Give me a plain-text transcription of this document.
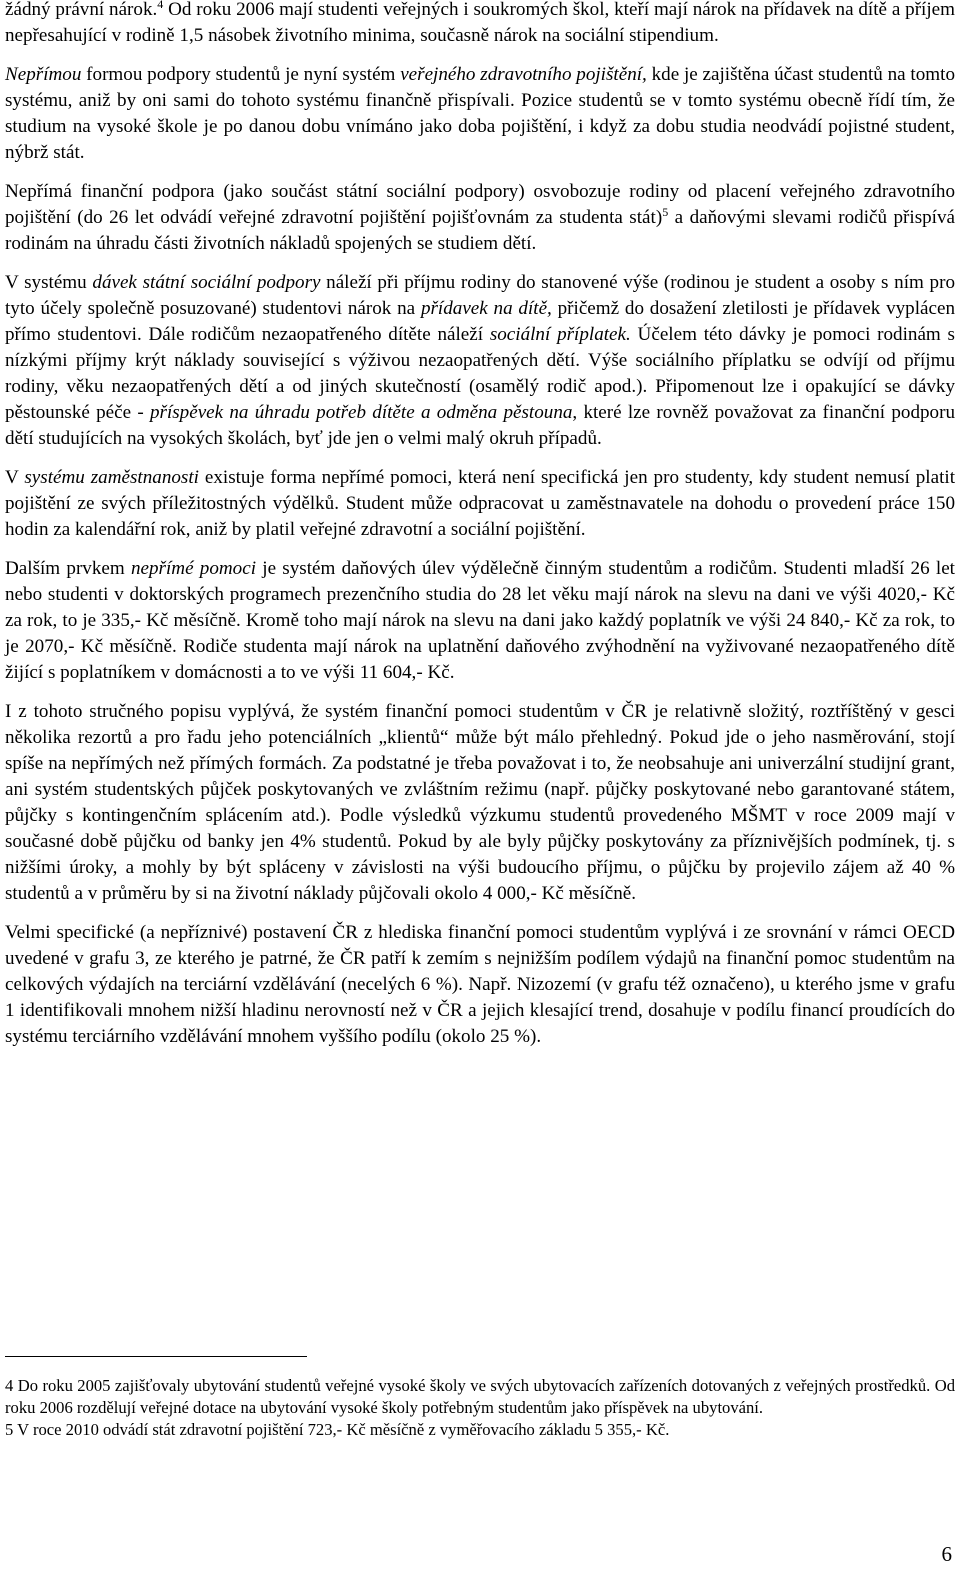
žádný právní nárok.$^4$ Od roku 2006 mají studenti veřejných i soukromých škol, kteří mají nárok na přídavek na dítě a příjem nepřesahující v rodině 1,5 násobek životního minima, současně nárok na sociální stipendium.

Nepřímou formou podpory studentů je nyní systém veřejného zdravotního pojištění, kde je zajištěna účast studentů na tomto systému, aniž by oni sami do tohoto systému finančně přispívali. Pozice studentů se v tomto systému obecně řídí tím, že studium na vysoké škole je po danou dobu vnímáno jako doba pojištění, i když za dobu studia neodvádí pojistné student, nýbrž stát.

Nepřímá finanční podpora (jako součást státní sociální podpory) osvobozuje rodiny od placení veřejného zdravotního pojištění (do 26 let odvádí veřejné zdravotní pojištění pojišťovnám za studenta stát)$^5$ a daňovými slevami rodičů přispívá rodinám na úhradu části životních nákladů spojených se studiem dětí.

V systému dávek státní sociální podpory náleží při příjmu rodiny do stanovené výše (rodinou je student a osoby s ním pro tyto účely společně posuzované) studentovi nárok na přídavek na dítě, přičemž do dosažení zletilosti je přídavek vyplácen přímo studentovi. Dále rodičům nezaopatřeného dítěte náleží sociální příplatek. Účelem této dávky je pomoci rodinám s nízkými příjmy krýt náklady související s výživou nezaopatřených dětí. Výše sociálního příplatku se odvíjí od příjmu rodiny, věku nezaopatřených dětí a od jiných skutečností (osamělý rodič apod.). Připomenout lze i opakující se dávky pěstounské péče - příspěvek na úhradu potřeb dítěte a odměna pěstouna, které lze rovněž považovat za finanční podporu dětí studujících na vysokých školách, byť jde jen o velmi malý okruh případů.

V systému zaměstnanosti existuje forma nepřímé pomoci, která není specifická jen pro studenty, kdy student nemusí platit pojištění ze svých příležitostných výdělků. Student může odpracovat u zaměstnavatele na dohodu o provedení práce 150 hodin za kalendářní rok, aniž by platil veřejné zdravotní a sociální pojištění.

Dalším prvkem nepřímé pomoci je systém daňových úlev výdělečně činným studentům a rodičům. Studenti mladší 26 let nebo studenti v doktorských programech prezenčního studia do 28 let věku mají nárok na slevu na dani ve výši 4020,- Kč za rok, to je 335,- Kč měsíčně. Kromě toho mají nárok na slevu na dani jako každý poplatník ve výši 24 840,- Kč za rok, to je 2070,- Kč měsíčně. Rodiče studenta mají nárok na uplatnění daňového zvýhodnění na vyživované nezaopatřeného dítě žijící s poplatníkem v domácnosti a to ve výši 11 604,- Kč.

I z tohoto stručného popisu vyplývá, že systém finanční pomoci studentům v ČR je relativně složitý, roztříštěný v gesci několika rezortů a pro řadu jeho potenciálních „klientů“ může být málo přehledný. Pokud jde o jeho nasměrování, stojí spíše na nepřímých než přímých formách. Za podstatné je třeba považovat i to, že neobsahuje ani univerzální studijní grant, ani systém studentských půjček poskytovaných ve zvláštním režimu (např. půjčky poskytované nebo garantované státem, půjčky s kontingenčním splácením atd.). Podle výsledků výzkumu studentů provedeného MŠMT v roce 2009 mají v současné době půjčku od banky jen 4% studentů. Pokud by ale byly půjčky poskytovány za příznivějších podmínek, tj. s nižšími úroky, a mohly by být spláceny v závislosti na výši budoucího příjmu, o půjčku by projevilo zájem až 40 % studentů a v průměru by si na životní náklady půjčovali okolo 4 000,- Kč měsíčně.

Velmi specifické (a nepříznivé) postavení ČR z hlediska finanční pomoci studentům vyplývá i ze srovnání v rámci OECD uvedené v grafu 3, ze kterého je patrné, že ČR patří k zemím s nejnižším podílem výdajů na finanční pomoc studentům na celkových výdajích na terciární vzdělávání (necelých 6 %). Např. Nizozemí (v grafu též označeno), u kterého jsme v grafu 1 identifikovali mnohem nižší hladinu nerovností než v ČR a jejich klesající trend, dosahuje v podílu financí proudících do systému terciárního vzdělávání mnohem vyššího podílu (okolo 25 %).

4 Do roku 2005 zajišťovaly ubytování studentů veřejné vysoké školy ve svých ubytovacích zařízeních dotovaných z veřejných prostředků. Od roku 2006 rozdělují veřejné dotace na ubytování vysoké školy potřebným studentům jako příspěvek na ubytování.

5 V roce 2010 odvádí stát zdravotní pojištění 723,- Kč měsíčně z vyměřovacího základu 5 355,- Kč.

6
